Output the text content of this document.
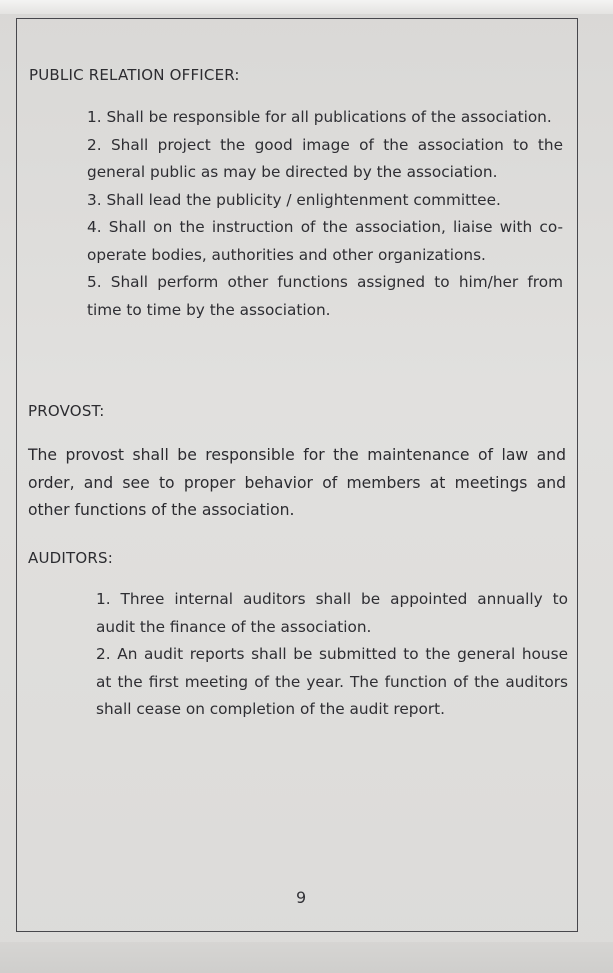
PUBLIC RELATION OFFICER:
1. Shall be responsible for all publications of the association.
2. Shall project the good image of the association to the general public as may be directed by the association.
3. Shall lead the publicity / enlightenment committee.
4. Shall on the instruction of the association, liaise with co-operate bodies, authorities and other organizations.
5. Shall perform other functions assigned to him/her from time to time by the association.
PROVOST:

The provost shall be responsible for the maintenance of law and order, and see to proper behavior of members at meetings and other functions of the association.

AUDITORS:
1. Three internal auditors shall be appointed annually to audit the finance of the association.
2. An audit reports shall be submitted to the general house at the first meeting of the year. The function of the auditors shall cease on completion of the audit report.
9
